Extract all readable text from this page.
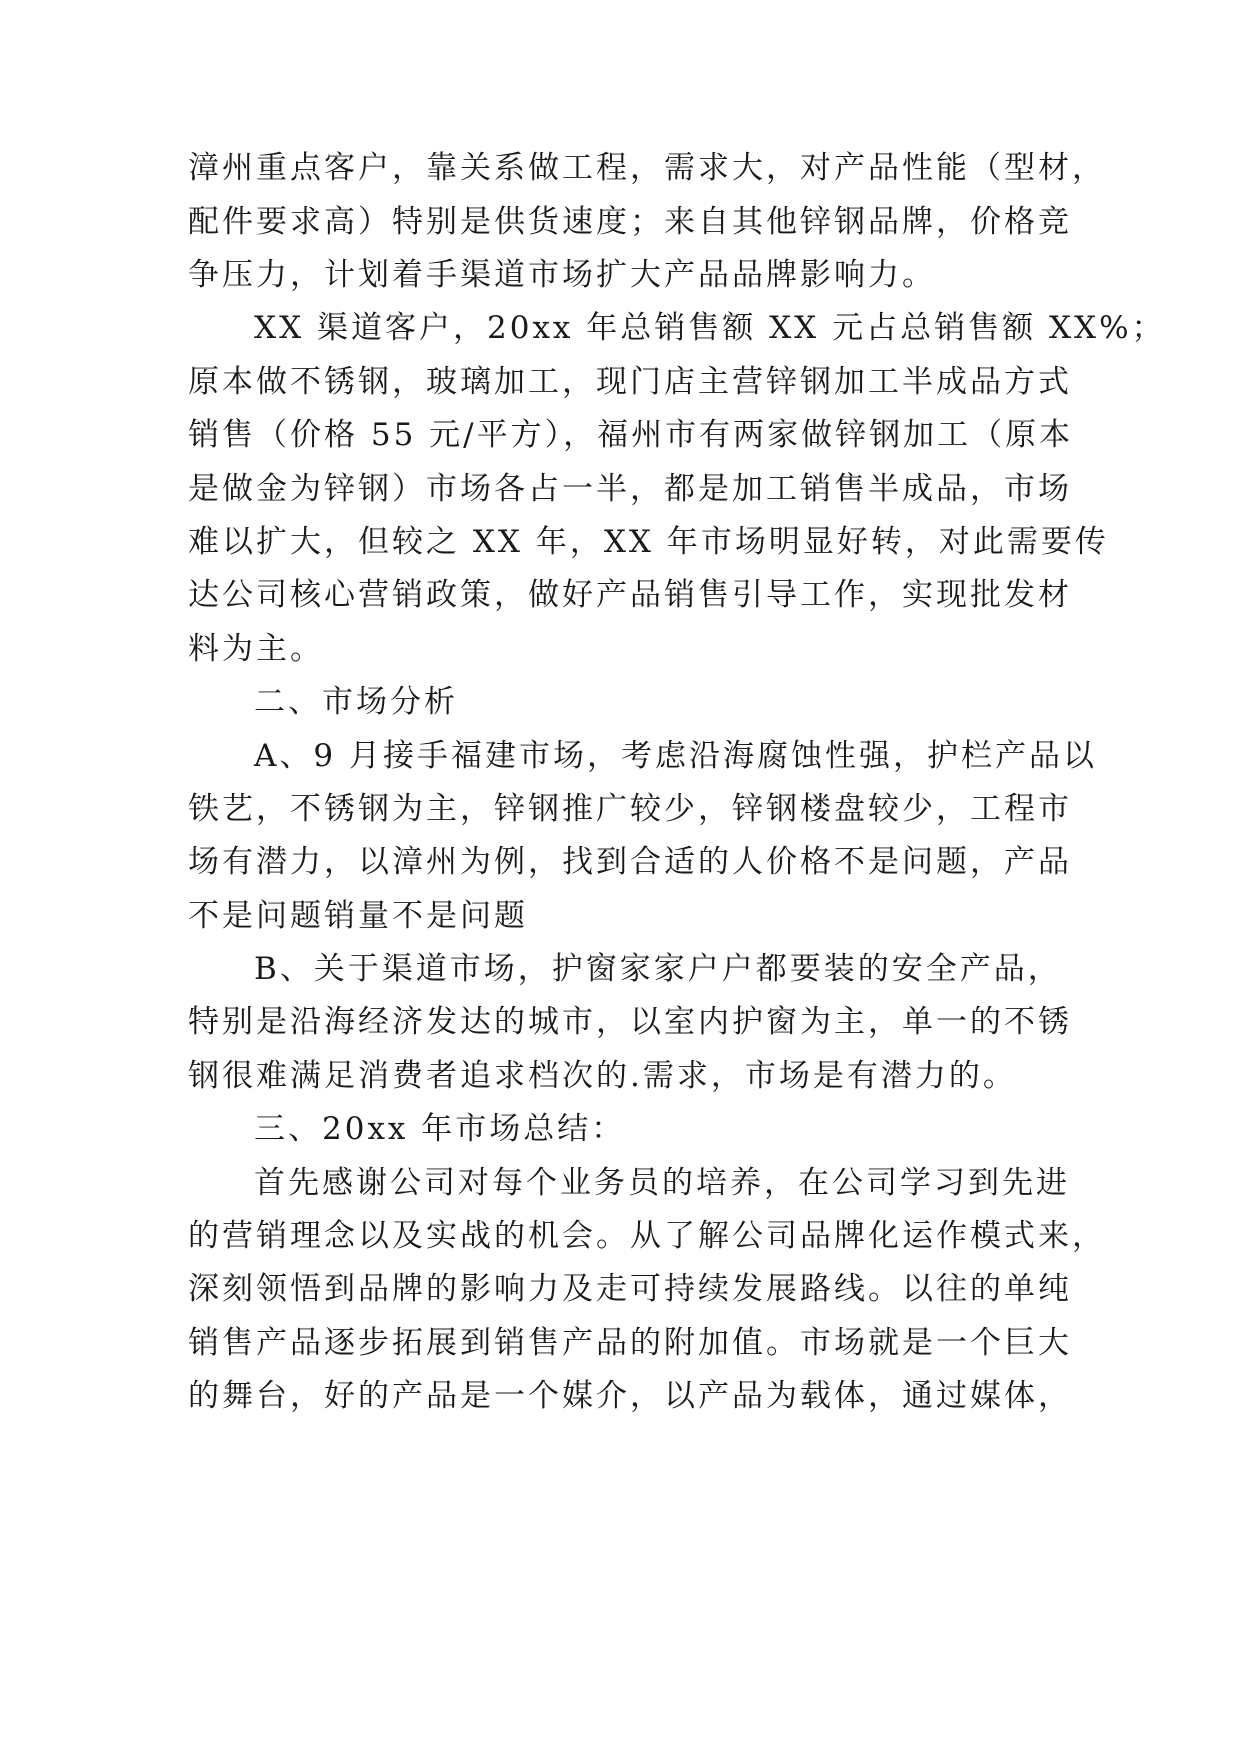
漳州重点客户，靠关系做工程，需求大，对产品性能（型材，
配件要求高）特别是供货速度；来自其他锌钢品牌，价格竞
争压力，计划着手渠道市场扩大产品品牌影响力。
XX 渠道客户，20xx 年总销售额 XX 元占总销售额 XX%；
原本做不锈钢，玻璃加工，现门店主营锌钢加工半成品方式
销售（价格 55 元/平方），福州市有两家做锌钢加工（原本
是做金为锌钢）市场各占一半，都是加工销售半成品，市场
难以扩大，但较之 XX 年，XX 年市场明显好转，对此需要传
达公司核心营销政策，做好产品销售引导工作，实现批发材
料为主。
二、市场分析
A、9 月接手福建市场，考虑沿海腐蚀性强，护栏产品以
铁艺，不锈钢为主，锌钢推广较少，锌钢楼盘较少，工程市
场有潜力，以漳州为例，找到合适的人价格不是问题，产品
不是问题销量不是问题
B、关于渠道市场，护窗家家户户都要装的安全产品，
特别是沿海经济发达的城市，以室内护窗为主，单一的不锈
钢很难满足消费者追求档次的.需求，市场是有潜力的。
三、20xx 年市场总结：
首先感谢公司对每个业务员的培养，在公司学习到先进
的营销理念以及实战的机会。从了解公司品牌化运作模式来，
深刻领悟到品牌的影响力及走可持续发展路线。以往的单纯
销售产品逐步拓展到销售产品的附加值。市场就是一个巨大
的舞台，好的产品是一个媒介，以产品为载体，通过媒体，
